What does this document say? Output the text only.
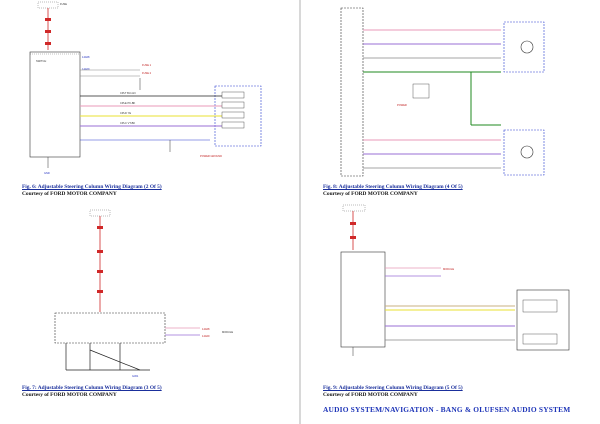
FUSE
SWITCH
14A08
14A09
FUSE 1
FUSE 2
CPLT BU-GN
CPLE PK-BK
CPLD YE
CPLC VT-BK
GND
POWER GROUND
14A08
14A09
MODULE
G301
Fig. 6: Adjustable Steering Column Wiring Diagram (2 Of 5)
Courtesy of FORD MOTOR COMPANY
Fig. 7: Adjustable Steering Column Wiring Diagram (3 Of 5)
Courtesy of FORD MOTOR COMPANY
POWER
MODULE
Fig. 8: Adjustable Steering Column Wiring Diagram (4 Of 5)
Courtesy of FORD MOTOR COMPANY
Fig. 9: Adjustable Steering Column Wiring Diagram (5 Of 5)
Courtesy of FORD MOTOR COMPANY
AUDIO SYSTEM/NAVIGATION - BANG & OLUFSEN AUDIO SYSTEM
